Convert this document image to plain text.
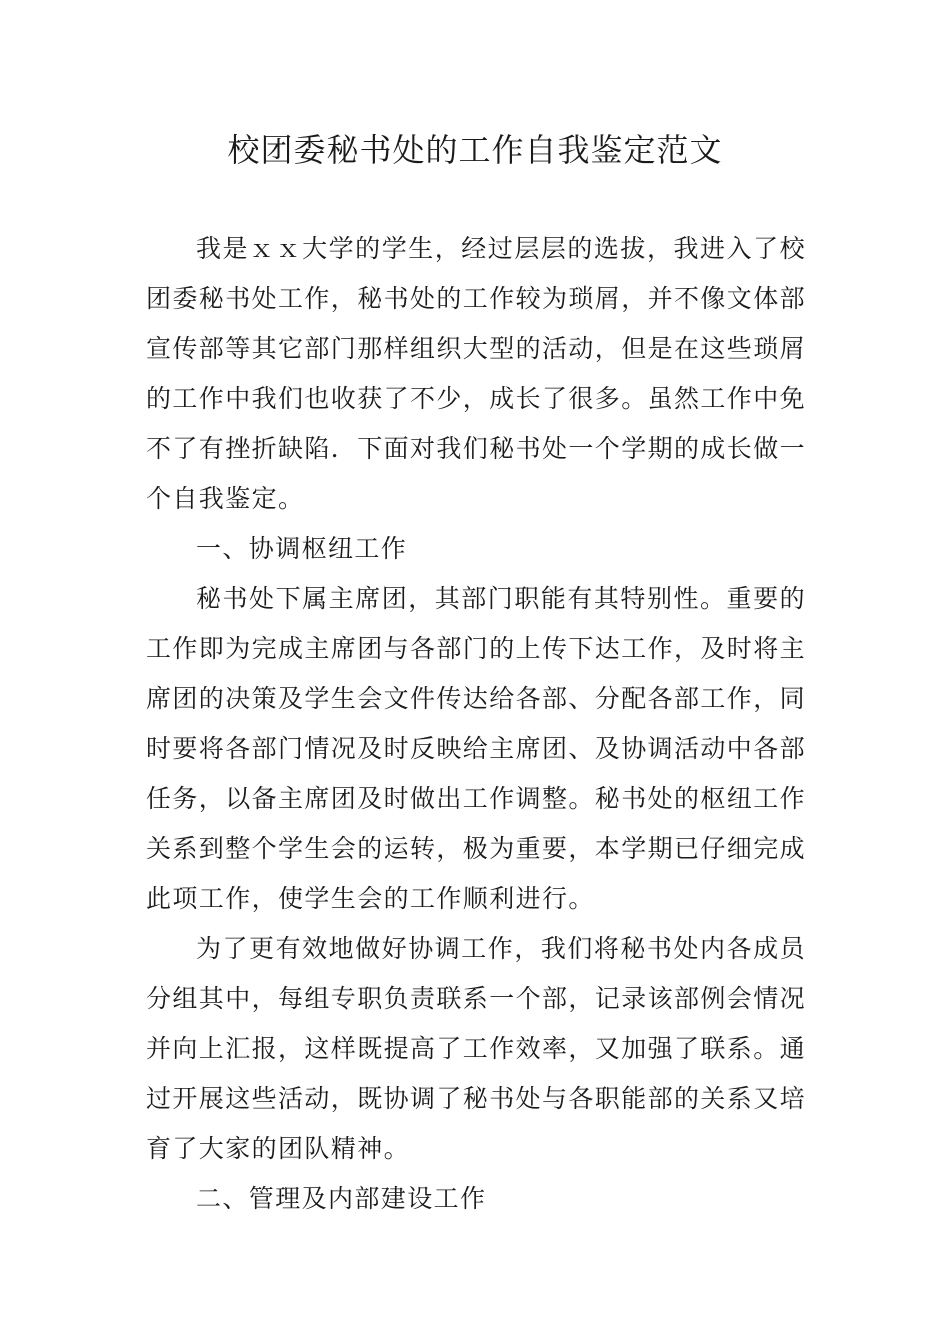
校团委秘书处的工作自我鉴定范文

我是ｘｘ大学的学生，经过层层的选拔，我进入了校团委秘书处工作，秘书处的工作较为琐屑，并不像文体部宣传部等其它部门那样组织大型的活动，但是在这些琐屑的工作中我们也收获了不少，成长了很多。虽然工作中免不了有挫折缺陷．下面对我们秘书处一个学期的成长做一个自我鉴定。

一、协调枢纽工作

秘书处下属主席团，其部门职能有其特别性。重要的工作即为完成主席团与各部门的上传下达工作，及时将主席团的决策及学生会文件传达给各部、分配各部工作，同时要将各部门情况及时反映给主席团、及协调活动中各部任务，以备主席团及时做出工作调整。秘书处的枢纽工作关系到整个学生会的运转，极为重要，本学期已仔细完成此项工作，使学生会的工作顺利进行。

为了更有效地做好协调工作，我们将秘书处内各成员分组其中，每组专职负责联系一个部，记录该部例会情况并向上汇报，这样既提高了工作效率，又加强了联系。通过开展这些活动，既协调了秘书处与各职能部的关系又培育了大家的团队精神。

二、管理及内部建设工作
